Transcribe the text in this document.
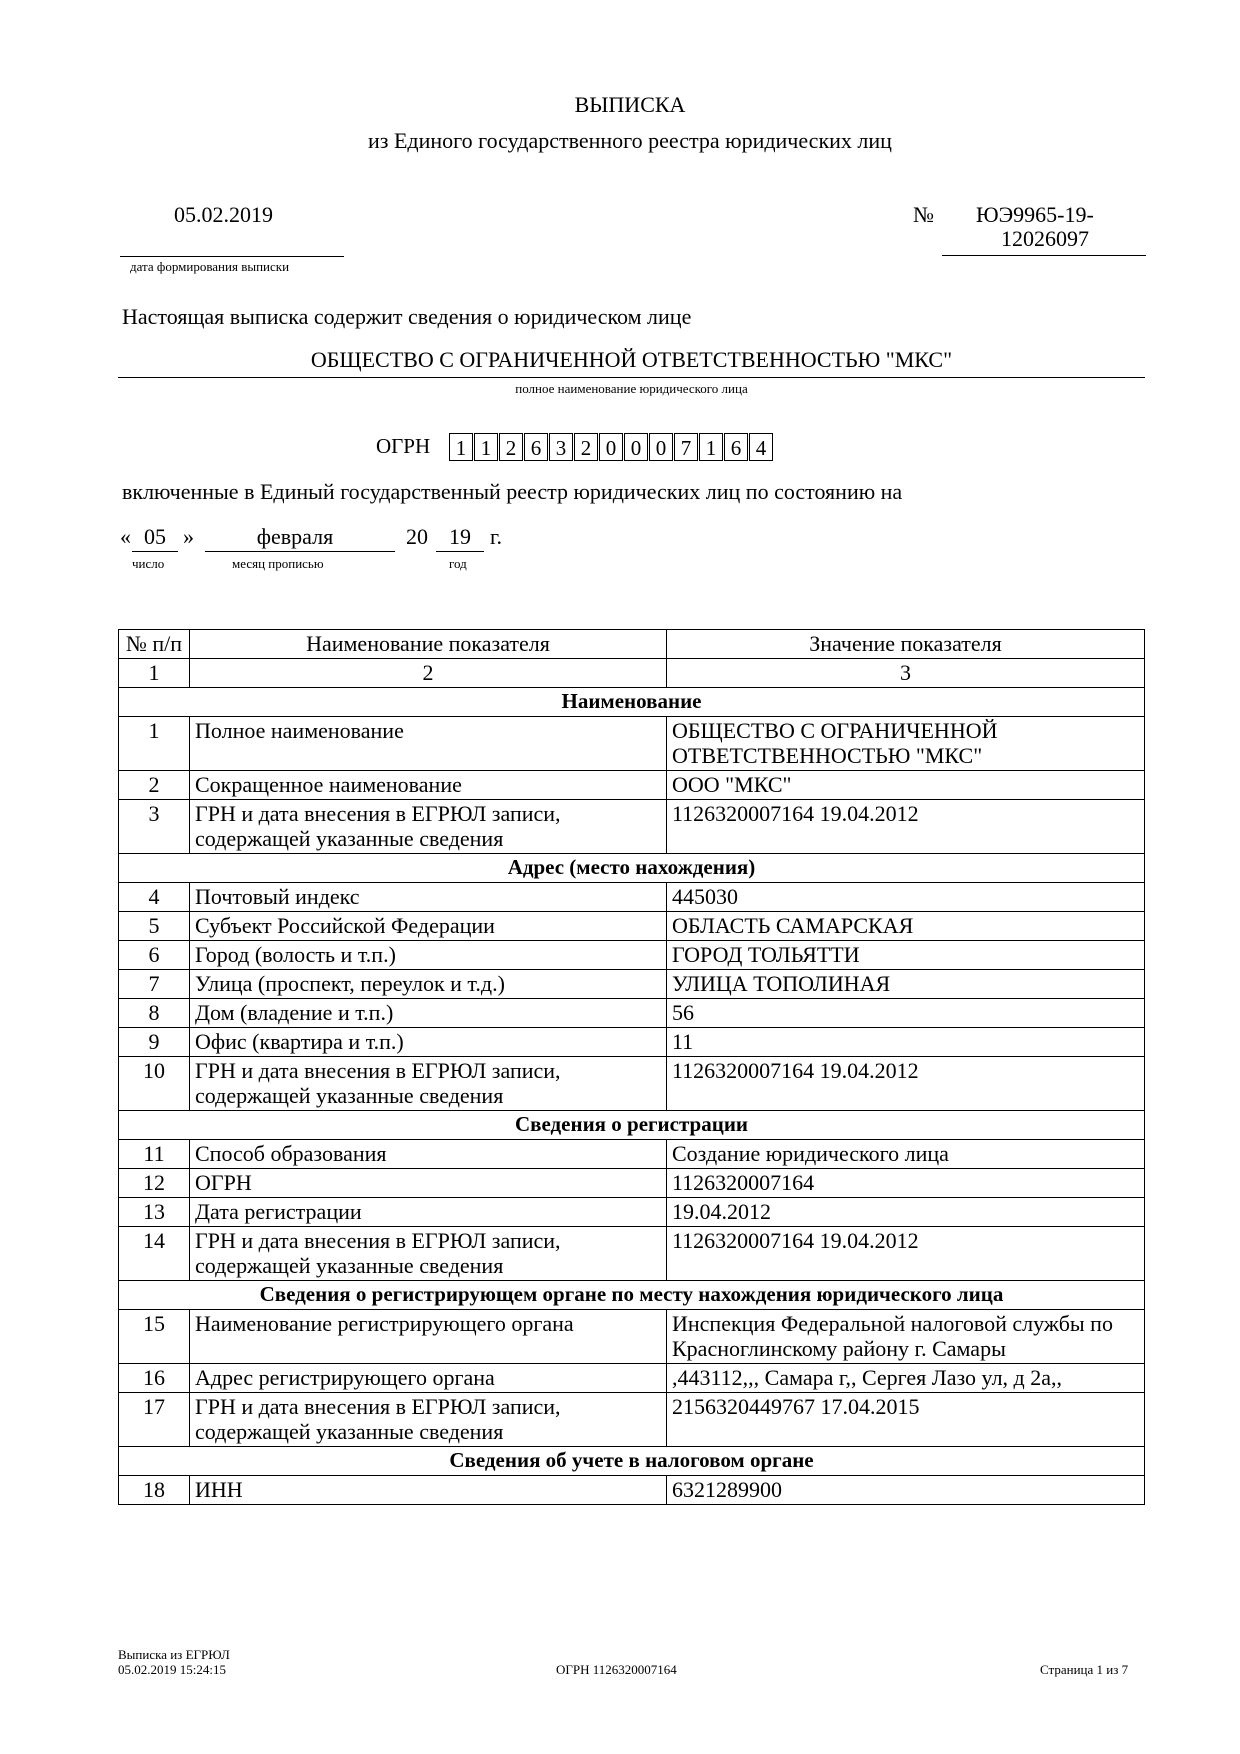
ВЫПИСКА
из Единого государственного реестра юридических лиц
05.02.2019
дата формирования выписки
№ ЮЭ9965-19-
12026097
Настоящая выписка содержит сведения о юридическом лице
ОБЩЕСТВО С ОГРАНИЧЕННОЙ ОТВЕТСТВЕННОСТЬЮ "МКС"
полное наименование юридического лица
ОГРН	1 1 2 6 3 2 0 0 0 7 1 6 4
включенные в Единый государственный реестр юридических лиц по состоянию на
« 05 »	февраля	20 19 г.
число	месяц прописью	год
№ п/п	Наименование показателя	Значение показателя
1	2	3
Наименование		
1	Полное наименование	ОБЩЕСТВО С ОГРАНИЧЕННОЙ ОТВЕТСТВЕННОСТЬЮ "МКС"
2	Сокращенное наименование	ООО "МКС"
3	ГРН и дата внесения в ЕГРЮЛ записи, содержащей указанные сведения	1126320007164 19.04.2012
Адрес (место нахождения)		
4	Почтовый индекс	445030
5	Субъект Российской Федерации	ОБЛАСТЬ САМАРСКАЯ
6	Город (волость и т.п.)	ГОРОД ТОЛЬЯТТИ
7	Улица (проспект, переулок и т.д.)	УЛИЦА ТОПОЛИНАЯ
8	Дом (владение и т.п.)	56
9	Офис (квартира и т.п.)	11
10	ГРН и дата внесения в ЕГРЮЛ записи, содержащей указанные сведения	1126320007164 19.04.2012
Сведения о регистрации		
11	Способ образования	Создание юридического лица
12	ОГРН	1126320007164
13	Дата регистрации	19.04.2012
14	ГРН и дата внесения в ЕГРЮЛ записи, содержащей указанные сведения	1126320007164 19.04.2012
Сведения о регистрирующем органе по месту нахождения юридического лица		
15	Наименование регистрирующего органа	Инспекция Федеральной налоговой службы по Красноглинскому району г. Самары
16	Адрес регистрирующего органа	,443112,,, Самара г,, Сергея Лазо ул, д 2а,,
17	ГРН и дата внесения в ЕГРЮЛ записи, содержащей указанные сведения	2156320449767 17.04.2015
Сведения об учете в налоговом органе		
18	ИНН	6321289900
Выписка из ЕГРЮЛ
05.02.2019 15:24:15	ОГРН 1126320007164	Страница 1 из 7
